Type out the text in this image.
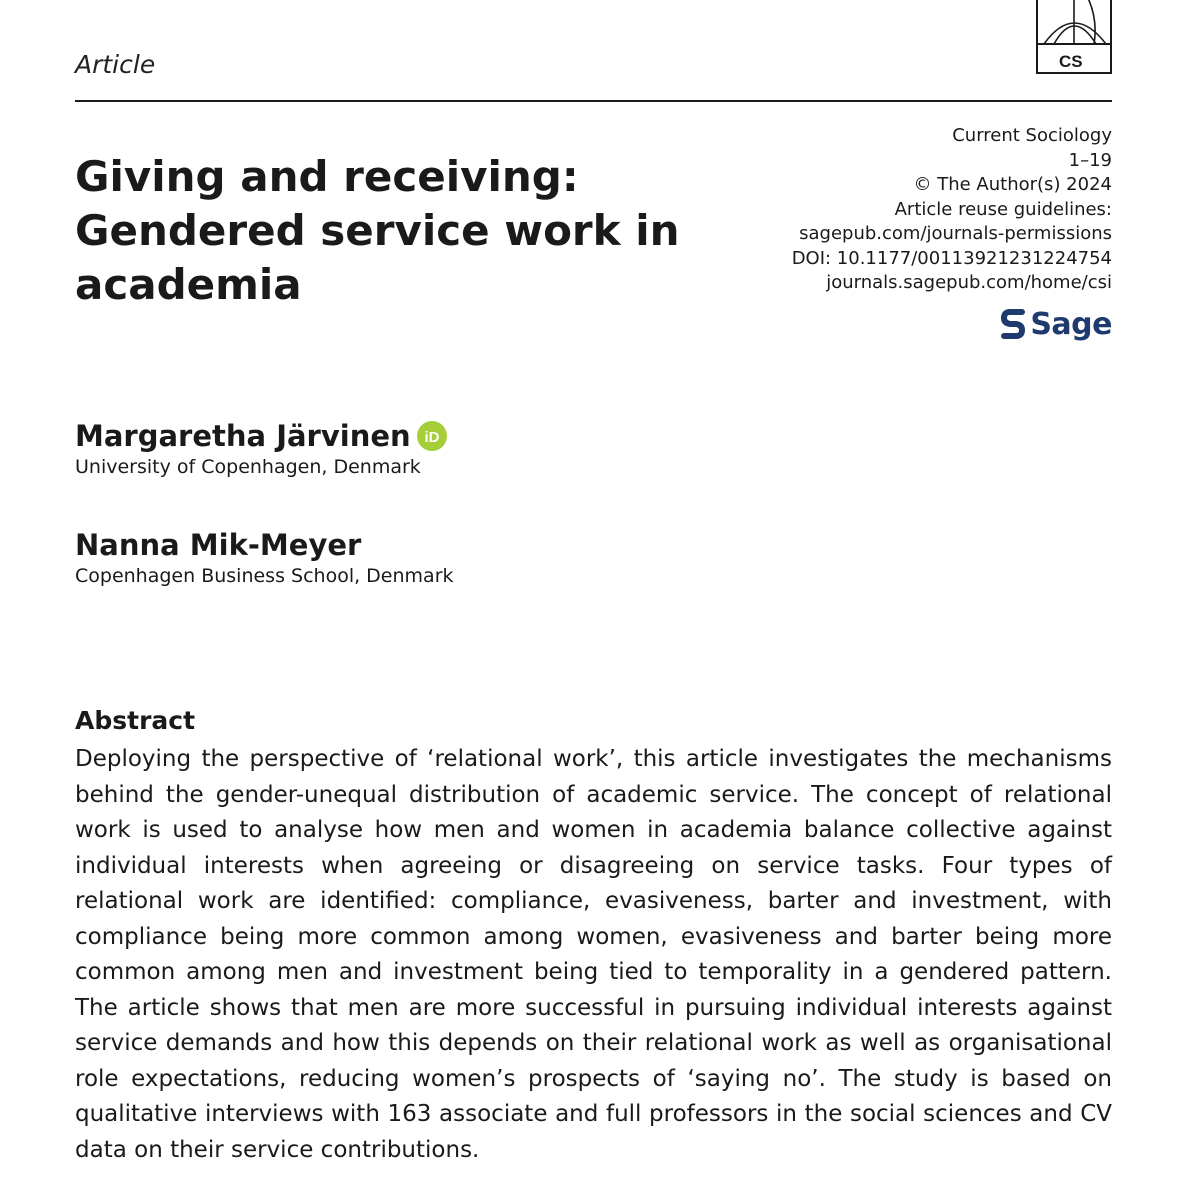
Article	CS
Giving and receiving: Gendered service work in academia
Current Sociology
1–19
© The Author(s) 2024
Article reuse guidelines:
sagepub.com/journals-permissions
DOI: 10.1177/00113921231224754
journals.sagepub.com/home/csi
Sage
Margaretha Järvinen iD
University of Copenhagen, Denmark
Nanna Mik-Meyer
Copenhagen Business School, Denmark
Abstract

Deploying the perspective of ‘relational work’, this article investigates the mechanisms behind the gender-unequal distribution of academic service. The concept of relational work is used to analyse how men and women in academia balance collective against individual interests when agreeing or disagreeing on service tasks. Four types of relational work are identified: compliance, evasiveness, barter and investment, with compliance being more common among women, evasiveness and barter being more common among men and investment being tied to temporality in a gendered pattern. The article shows that men are more successful in pursuing individual interests against service demands and how this depends on their relational work as well as organisational role expectations, reducing women’s prospects of ‘saying no’. The study is based on qualitative interviews with 163 associate and full professors in the social sciences and CV data on their service contributions.
